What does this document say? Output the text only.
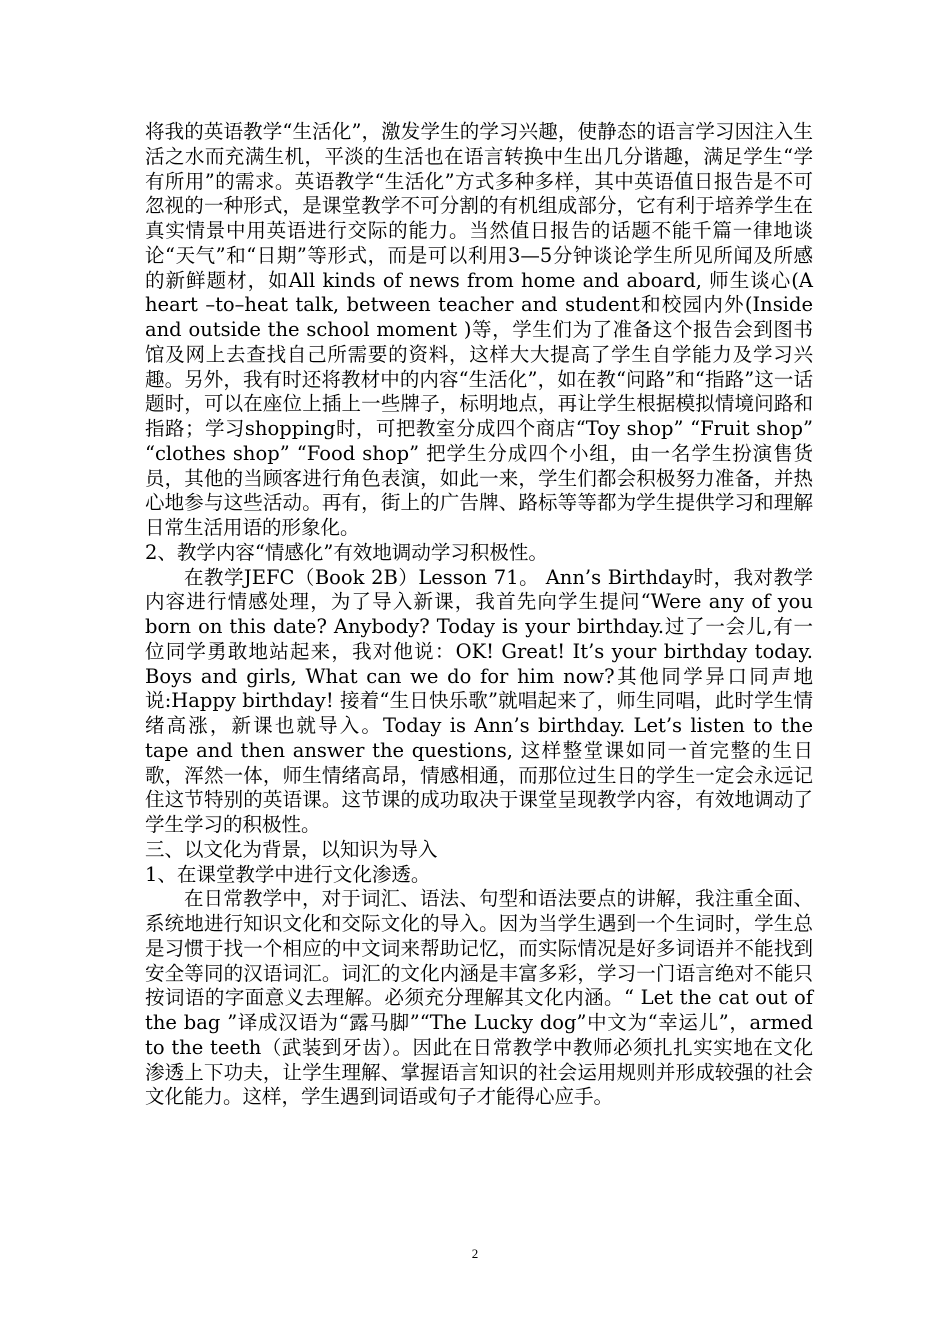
将我的英语教学“生活化”，激发学生的学习兴趣，使静态的语言学习因注入生活之水而充满生机，平淡的生活也在语言转换中生出几分谐趣，满足学生“学有所用”的需求。英语教学“生活化”方式多种多样，其中英语值日报告是不可忽视的一种形式，是课堂教学不可分割的有机组成部分，它有利于培养学生在真实情景中用英语进行交际的能力。当然值日报告的话题不能千篇一律地谈论“天气”和“日期”等形式，而是可以利用3—5分钟谈论学生所见所闻及所感的新鲜题材，如All kinds of news from home and aboard, 师生谈心(A heart –to–heat talk, between teacher and student和校园内外(Inside and outside the school moment )等，学生们为了准备这个报告会到图书馆及网上去查找自己所需要的资料，这样大大提高了学生自学能力及学习兴趣。另外，我有时还将教材中的内容“生活化”，如在教“问路”和“指路”这一话题时，可以在座位上插上一些牌子，标明地点，再让学生根据模拟情境问路和指路；学习shopping时，可把教室分成四个商店“Toy shop” “Fruit shop” “clothes shop” “Food shop” 把学生分成四个小组，由一名学生扮演售货员，其他的当顾客进行角色表演，如此一来，学生们都会积极努力准备，并热心地参与这些活动。再有，街上的广告牌、路标等等都为学生提供学习和理解日常生活用语的形象化。

2、教学内容“情感化”有效地调动学习积极性。

在教学JEFC（Book 2B）Lesson 71。 Ann’s Birthday时，我对教学内容进行情感处理，为了导入新课，我首先向学生提问“Were any of you born on this date? Anybody? Today is your birthday.过了一会儿,有一位同学勇敢地站起来，我对他说：OK! Great! It’s your birthday today. Boys and girls, What can we do for him now?其他同学异口同声地说:Happy birthday! 接着“生日快乐歌”就唱起来了，师生同唱，此时学生情绪高涨，新课也就导入。Today is Ann’s birthday. Let’s listen to the tape and then answer the questions, 这样整堂课如同一首完整的生日歌，浑然一体，师生情绪高昂，情感相通，而那位过生日的学生一定会永远记住这节特别的英语课。这节课的成功取决于课堂呈现教学内容，有效地调动了学生学习的积极性。

三、以文化为背景，以知识为导入

1、在课堂教学中进行文化渗透。

在日常教学中，对于词汇、语法、句型和语法要点的讲解，我注重全面、系统地进行知识文化和交际文化的导入。因为当学生遇到一个生词时，学生总是习惯于找一个相应的中文词来帮助记忆，而实际情况是好多词语并不能找到安全等同的汉语词汇。词汇的文化内涵是丰富多彩，学习一门语言绝对不能只按词语的字面意义去理解。必须充分理解其文化内涵。“ Let the cat out of the bag ”译成汉语为“露马脚”“The Lucky dog”中文为“幸运儿”，armed to the teeth（武装到牙齿）。因此在日常教学中教师必须扎扎实实地在文化渗透上下功夫，让学生理解、掌握语言知识的社会运用规则并形成较强的社会文化能力。这样，学生遇到词语或句子才能得心应手。

2
